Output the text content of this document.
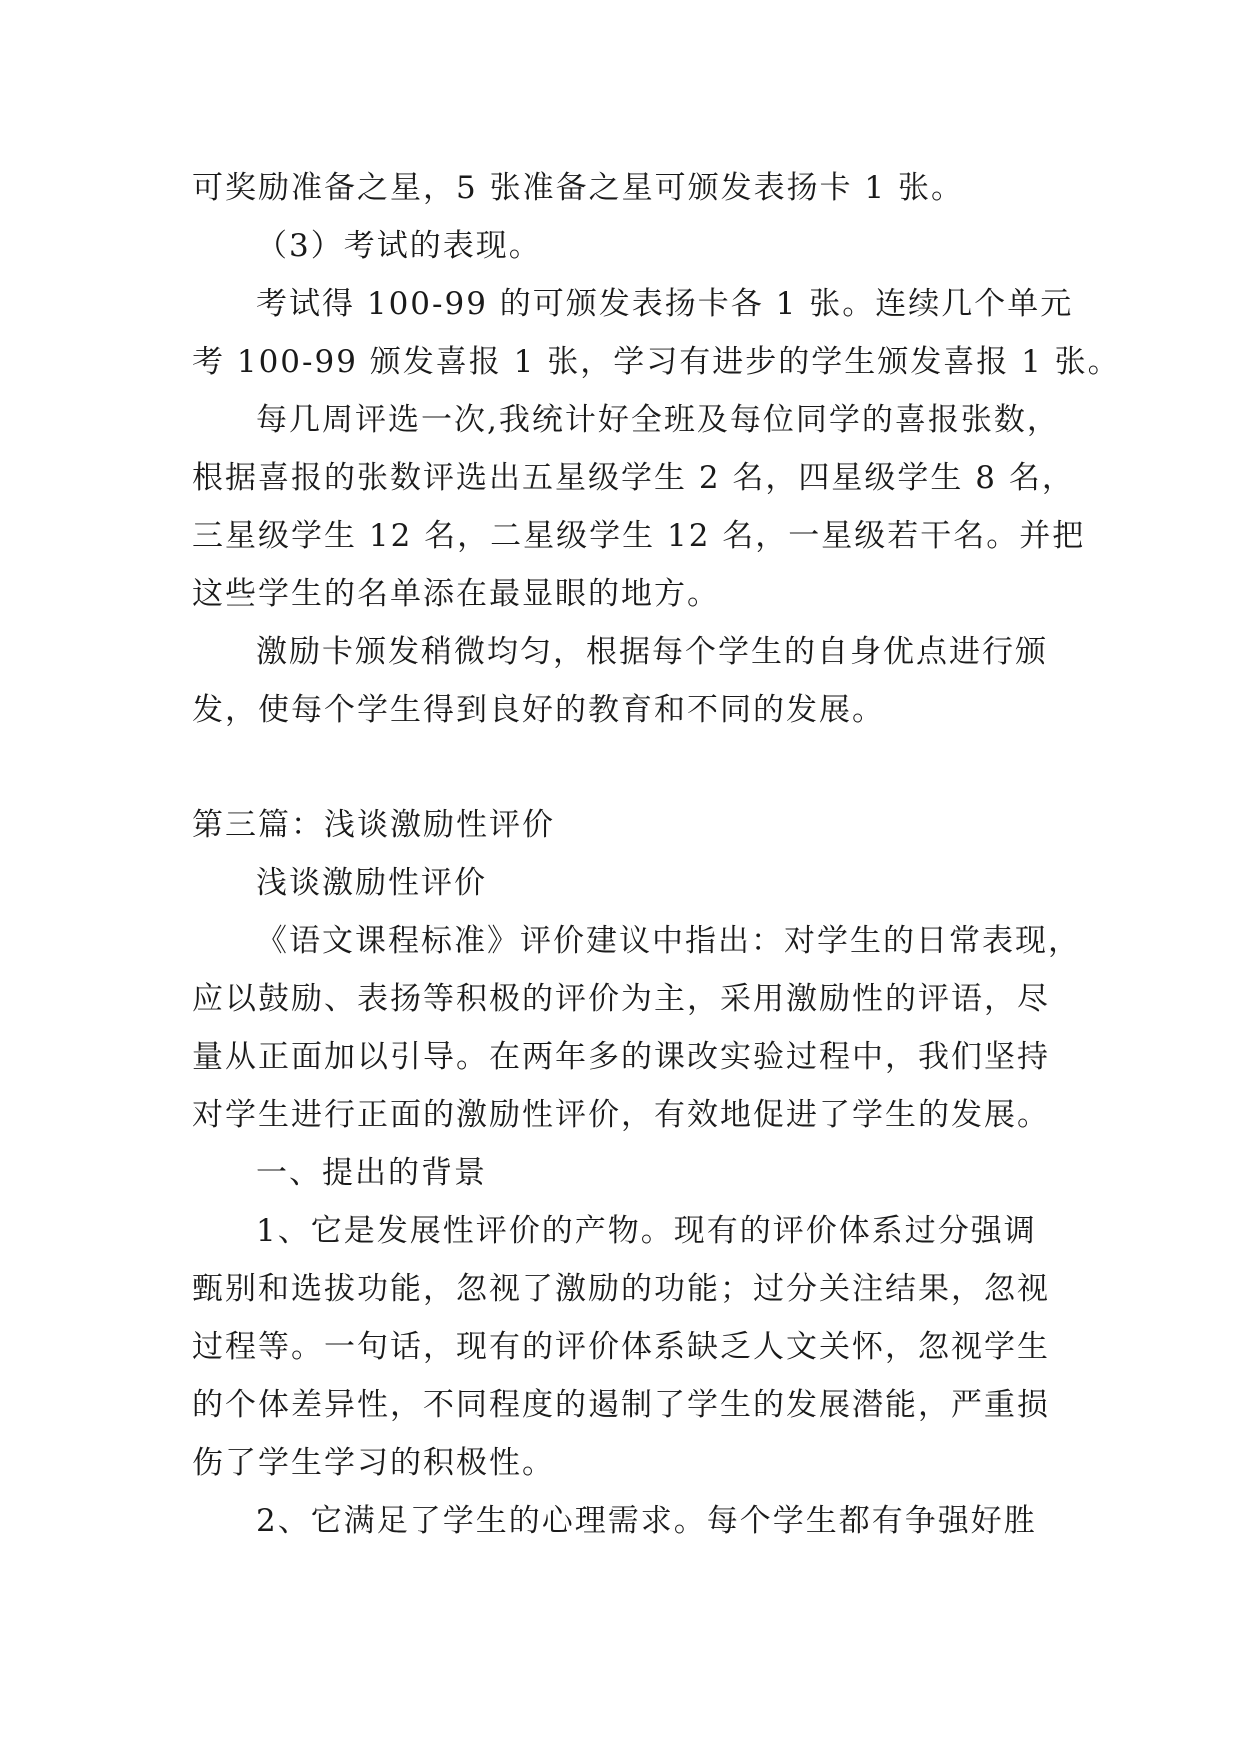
可奖励准备之星，5 张准备之星可颁发表扬卡 1 张。
（3）考试的表现。
考试得 100-99 的可颁发表扬卡各 1 张。连续几个单元
考 100-99 颁发喜报 1 张，学习有进步的学生颁发喜报 1 张。
每几周评选一次,我统计好全班及每位同学的喜报张数，
根据喜报的张数评选出五星级学生 2 名，四星级学生 8 名，
三星级学生 12 名，二星级学生 12 名，一星级若干名。并把
这些学生的名单添在最显眼的地方。
激励卡颁发稍微均匀，根据每个学生的自身优点进行颁
发，使每个学生得到良好的教育和不同的发展。
第三篇：浅谈激励性评价
浅谈激励性评价
《语文课程标准》评价建议中指出：对学生的日常表现，
应以鼓励、表扬等积极的评价为主，采用激励性的评语，尽
量从正面加以引导。在两年多的课改实验过程中，我们坚持
对学生进行正面的激励性评价，有效地促进了学生的发展。
一、提出的背景
1、它是发展性评价的产物。现有的评价体系过分强调
甄别和选拔功能，忽视了激励的功能；过分关注结果，忽视
过程等。一句话，现有的评价体系缺乏人文关怀，忽视学生
的个体差异性，不同程度的遏制了学生的发展潜能，严重损
伤了学生学习的积极性。
2、它满足了学生的心理需求。每个学生都有争强好胜
